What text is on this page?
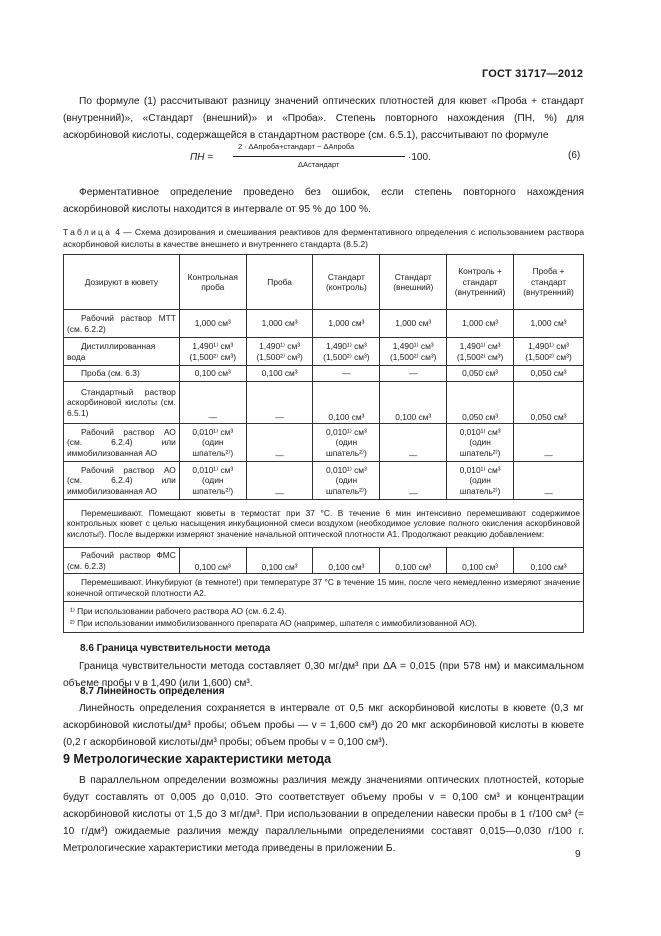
ГОСТ 31717—2012
По формуле (1) рассчитывают разницу значений оптических плотностей для кювет «Проба + стандарт (внутренний)», «Стандарт (внешний)» и «Проба». Степень повторного нахождения (ПН, %) для аскорбиновой кислоты, содержащейся в стандартном растворе (см. 6.5.1), рассчитывают по формуле
ПН =
2 · ΔAпроба+стандарт − ΔAпроба
ΔAстандарт
·100.	(6)
Ферментативное определение проведено без ошибок, если степень повторного нахождения аскорбиновой кислоты находится в интервале от 95 % до 100 %.
Таблица 4 — Схема дозирования и смешивания реактивов для ферментативного определения с использованием раствора аскорбиновой кислоты в качестве внешнего и внутреннего стандарта (8.5.2)
Дозируют в кювету	Контрольная проба	Проба	Стандарт (контроль)	Стандарт (внешний)	Контроль + стандарт (внутренний)	Проба + стандарт (внутренний)

Рабочий раствор МТТ (см. 6.2.2)	1,000 см³	1,000 см³	1,000 см³	1,000 см³	1,000 см³	1,000 см³

Дистиллированная вода	1,490¹⁾ см³ (1,500²⁾ см³)	1,490¹⁾ см³ (1,500²⁾ см³)	1,490¹⁾ см³ (1,500²⁾ см³)	1,490¹⁾ см³ (1,500²⁾ см³)	1,490¹⁾ см³ (1,500²⁾ см³)	1,490¹⁾ см³ (1,500²⁾ см³)

Проба (см. 6.3)	0,100 см³	0,100 см³	—	—	0,050 см³	0,050 см³

Стандартный раствор аскорбиновой кислоты (см. 6.5.1)	—	—	0,100 см³	0,100 см³	0,050 см³	0,050 см³

Рабочий раствор АО (см. 6.2.4) или иммобилизованная АО	0,010¹⁾ см³ (один шпатель²⁾)	—	0,010¹⁾ см³ (один шпатель²⁾)	—	0,010¹⁾ см³ (один шпатель²⁾)	—

Рабочий раствор АО (см. 6.2.4) или иммобилизованная АО	0,010¹⁾ см³ (один шпатель²⁾)	—	0,010¹⁾ см³ (один шпатель²⁾)	—	0,010¹⁾ см³ (один шпатель²⁾)	—

Перемешивают. Помещают кюветы в термостат при 37 °С. В течение 6 мин интенсивно перемешивают содержимое контрольных кювет с целью насыщения инкубационной смеси воздухом (необходимое условие полного окисления аскорбиновой кислоты!). После выдержки измеряют значение начальной оптической плотности А1. Продолжают реакцию добавлением:						

Рабочий раствор ФМС (см. 6.2.3)	0,100 см³	0,100 см³	0,100 см³	0,100 см³	0,100 см³	0,100 см³

Перемешивают. Инкубируют (в темноте!) при температуре 37 °С в течение 15 мин, после чего немедленно измеряют значение конечной оптической плотности A2.						

¹⁾ При использовании рабочего раствора АО (см. 6.2.4).
²⁾ При использовании иммобилизованного препарата АО (например, шпателя с иммобилизованной АО).						
8.6 Граница чувствительности метода
Граница чувствительности метода составляет 0,30 мг/дм³ при ΔA = 0,015 (при 578 нм) и максимальном объеме пробы v в 1,490 (или 1,600) см³.
8.7 Линейность определения
Линейность определения сохраняется в интервале от 0,5 мкг аскорбиновой кислоты в кювете (0,3 мг аскорбиновой кислоты/дм³ пробы; объем пробы — v = 1,600 см³) до 20 мкг аскорбиновой кислоты в кювете (0,2 г аскорбиновой кислоты/дм³ пробы; объем пробы v = 0,100 см³).
9 Метрологические характеристики метода
В параллельном определении возможны различия между значениями оптических плотностей, которые будут составлять от 0,005 до 0,010. Это соответствует объему пробы v = 0,100 см³ и концентрации аскорбиновой кислоты от 1,5 до 3 мг/дм³. При использовании в определении навески пробы в 1 г/100 см³ (= 10 г/дм³) ожидаемые различия между параллельными определениями составят 0,015—0,030 г/100 г. Метрологические характеристики метода приведены в приложении Б.
9
